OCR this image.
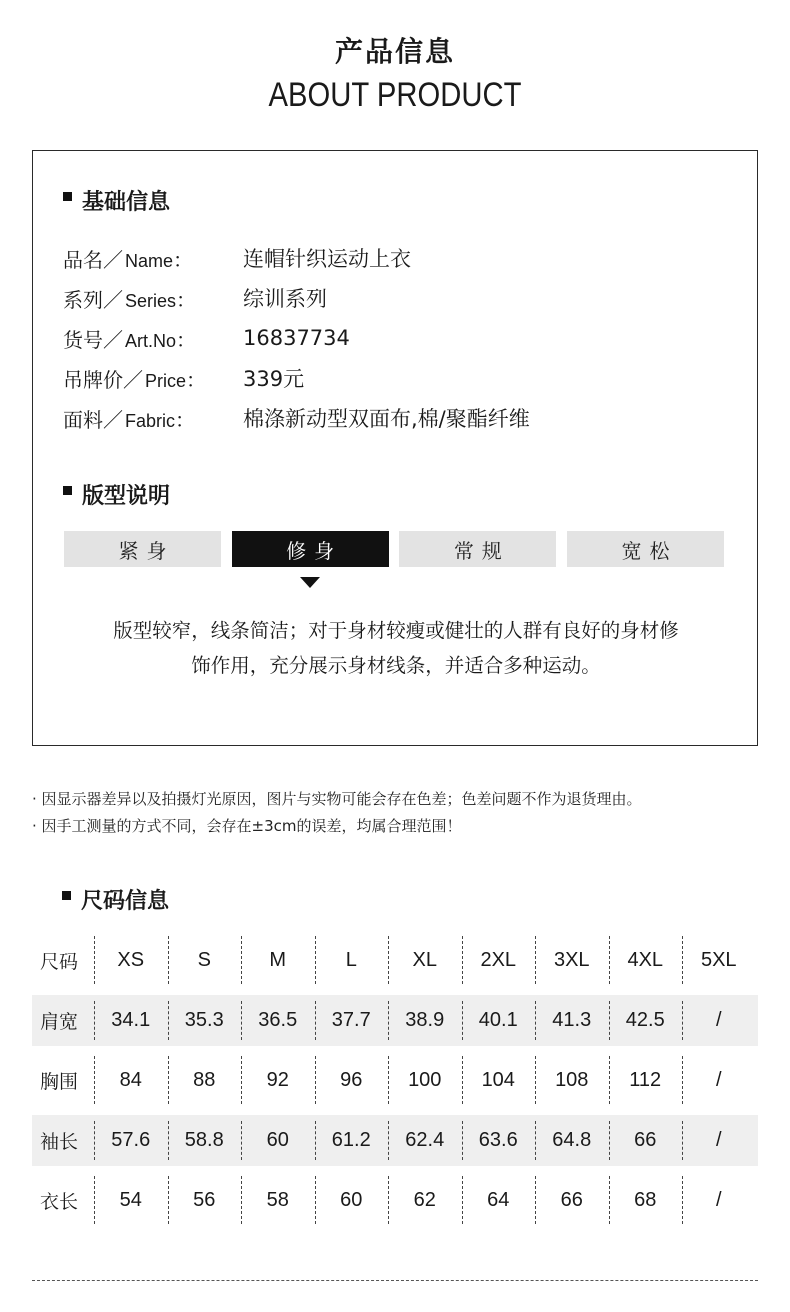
产品信息
ABOUT PRODUCT
基础信息
品名／ Name ： 连帽针织运动上衣
系列／ Series ： 综训系列
货号／ Art.No ： 16837734
吊牌价／ Price ： 339元
面料／ Fabric ： 棉涤新动型双面布,棉/聚酯纤维
版型说明
紧身	修身	常规	宽松
版型较窄，线条简洁；对于身材较瘦或健壮的人群有良好的身材修
饰作用，充分展示身材线条，并适合多种运动。
· 因显示器差异以及拍摄灯光原因，图片与实物可能会存在色差；色差问题不作为退货理由。
· 因手工测量的方式不同，会存在±3cm的误差，均属合理范围！
尺码信息
尺码	XS	S	M	L	XL	2XL	3XL	4XL	5XL
肩宽	34.1	35.3	36.5	37.7	38.9	40.1	41.3	42.5	/
胸围	84	88	92	96	100	104	108	112	/
袖长	57.6	58.8	60	61.2	62.4	63.6	64.8	66	/
衣长	54	56	58	60	62	64	66	68	/
